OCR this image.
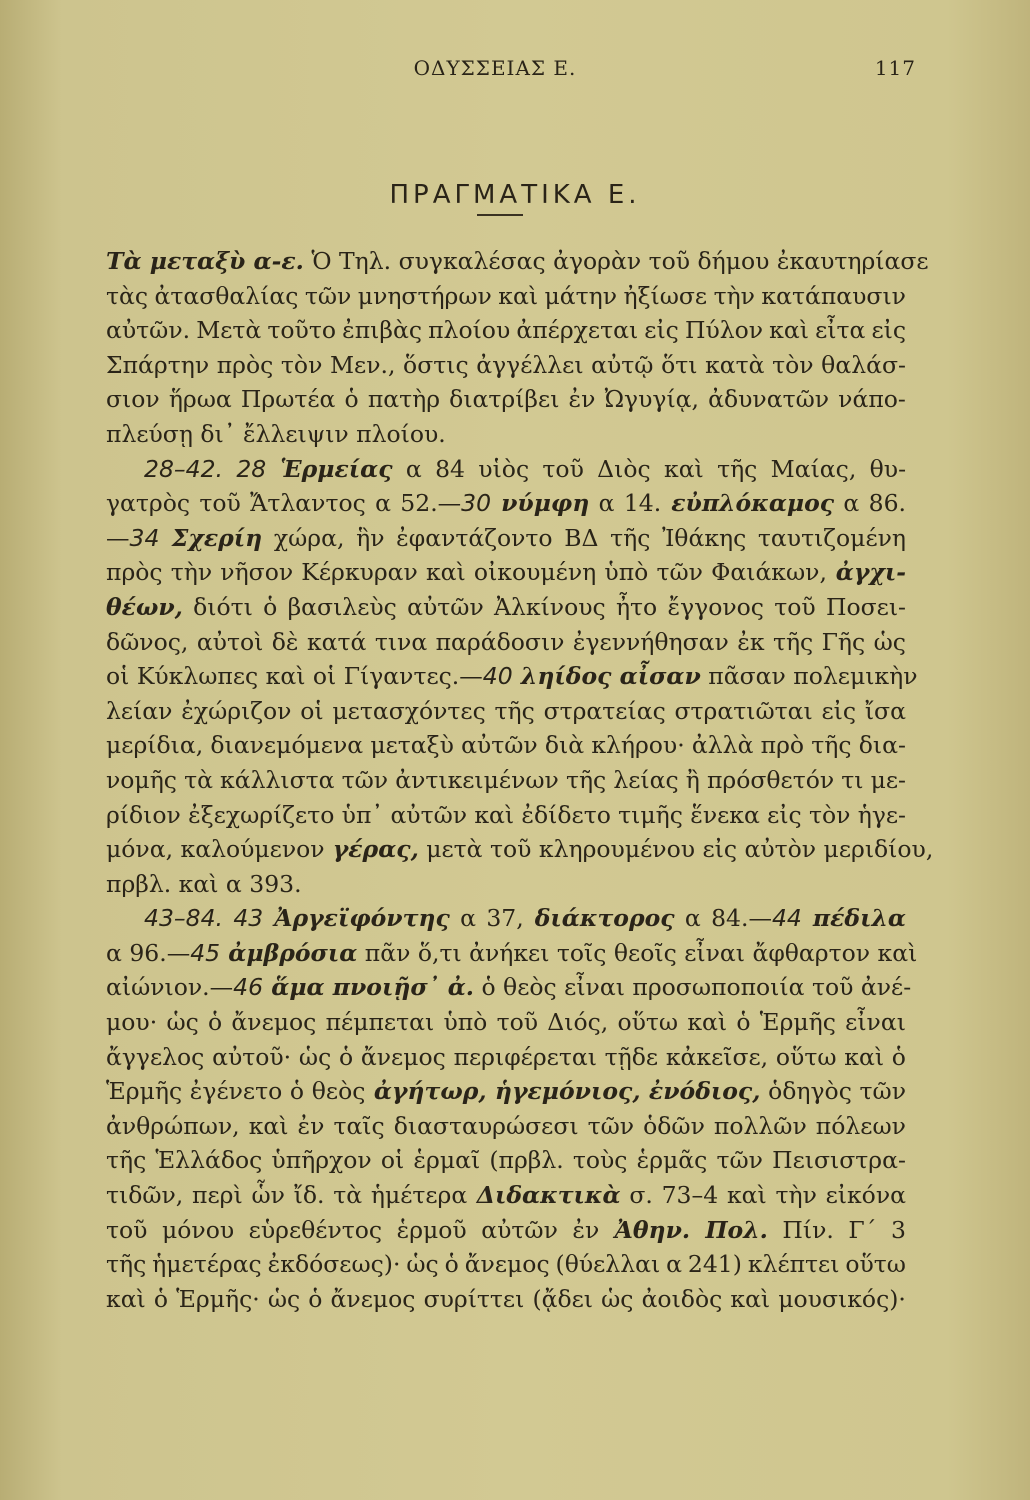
ΟΔΥΣΣΕΙΑΣ Ε.	117
ΠΡΑΓΜΑΤΙΚΑ Ε.
Τὰ μεταξὺ α-ε. Ὁ Τηλ. συγκαλέσας ἀγορὰν τοῦ δήμου ἐκαυτηρίασε
τὰς ἀτασθαλίας τῶν μνηστήρων καὶ μάτην ἠξίωσε τὴν κατάπαυσιν
αὐτῶν. Μετὰ τοῦτο ἐπιβὰς πλοίου ἀπέρχεται εἰς Πύλον καὶ εἶτα εἰς
Σπάρτην πρὸς τὸν Μεν., ὅστις ἀγγέλλει αὐτῷ ὅτι κατὰ τὸν θαλάσ-
σιον ἥρωα Πρωτέα ὁ πατὴρ διατρίβει ἐν Ὠγυγίᾳ, ἀδυνατῶν νάπο-
πλεύσῃ δι᾽ ἔλλειψιν πλοίου.
28–42. 28 Ἑρμείας α 84 υἱὸς τοῦ Διὸς καὶ τῆς Μαίας, θυ-
γατρὸς τοῦ Ἄτλαντος α 52.—30 νύμφη α 14. εὐπλόκαμος α 86.
—34 Σχερίη χώρα, ἣν ἐφαντάζοντο ΒΔ τῆς Ἰθάκης ταυτιζομένη
πρὸς τὴν νῆσον Κέρκυραν καὶ οἰκουμένη ὑπὸ τῶν Φαιάκων, ἀγχι-
θέων, διότι ὁ βασιλεὺς αὐτῶν Ἀλκίνους ἦτο ἔγγονος τοῦ Ποσει-
δῶνος, αὐτοὶ δὲ κατά τινα παράδοσιν ἐγεννήθησαν ἐκ τῆς Γῆς ὡς
οἱ Κύκλωπες καὶ οἱ Γίγαντες.—40 ληίδος αἶσαν πᾶσαν πολεμικὴν
λείαν ἐχώριζον οἱ μετασχόντες τῆς στρατείας στρατιῶται εἰς ἴσα
μερίδια, διανεμόμενα μεταξὺ αὐτῶν διὰ κλήρου· ἀλλὰ πρὸ τῆς δια-
νομῆς τὰ κάλλιστα τῶν ἀντικειμένων τῆς λείας ἢ πρόσθετόν τι με-
ρίδιον ἐξεχωρίζετο ὑπ᾽ αὐτῶν καὶ ἐδίδετο τιμῆς ἕνεκα εἰς τὸν ἡγε-
μόνα, καλούμενον γέρας, μετὰ τοῦ κληρουμένου εἰς αὐτὸν μεριδίου,
πρβλ. καὶ α 393.
43–84. 43 Ἀργεϊφόντης α 37, διάκτορος α 84.—44 πέδιλα
α 96.—45 ἀμβρόσια πᾶν ὅ,τι ἀνήκει τοῖς θεοῖς εἶναι ἄφθαρτον καὶ
αἰώνιον.—46 ἅμα πνοιῇσ᾽ ἀ. ὁ θεὸς εἶναι προσωποποιία τοῦ ἀνέ-
μου· ὡς ὁ ἄνεμος πέμπεται ὑπὸ τοῦ Διός, οὕτω καὶ ὁ Ἑρμῆς εἶναι
ἄγγελος αὐτοῦ· ὡς ὁ ἄνεμος περιφέρεται τῇδε κἀκεῖσε, οὕτω καὶ ὁ
Ἑρμῆς ἐγένετο ὁ θεὸς ἀγήτωρ, ἡγεμόνιος, ἐνόδιος, ὁδηγὸς τῶν
ἀνθρώπων, καὶ ἐν ταῖς διασταυρώσεσι τῶν ὁδῶν πολλῶν πόλεων
τῆς Ἑλλάδος ὑπῆρχον οἱ ἑρμαῖ (πρβλ. τοὺς ἑρμᾶς τῶν Πεισιστρα-
τιδῶν, περὶ ὧν ἴδ. τὰ ἡμέτερα Διδακτικὰ σ. 73–4 καὶ τὴν εἰκόνα
τοῦ μόνου εὑρεθέντος ἑρμοῦ αὐτῶν ἐν Ἀθην. Πολ. Πίν. Γ´ 3
τῆς ἡμετέρας ἐκδόσεως)· ὡς ὁ ἄνεμος (θύελλαι α 241) κλέπτει οὕτω
καὶ ὁ Ἑρμῆς· ὡς ὁ ἄνεμος συρίττει (ᾄδει ὡς ἀοιδὸς καὶ μουσικός)·
